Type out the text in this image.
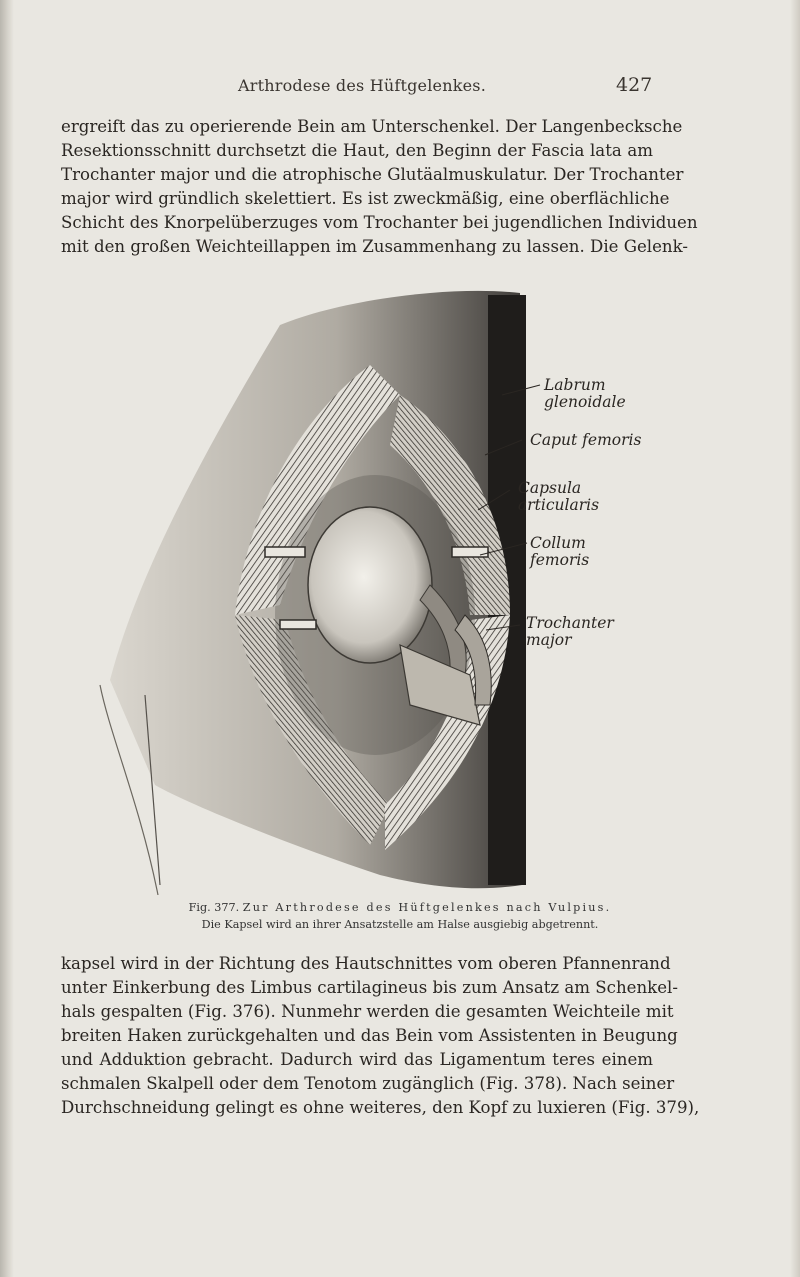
Arthrodese des Hüftgelenkes.	427
ergreift das zu operierende Bein am Unterschenkel. Der Langenbecksche
Resektionsschnitt durchsetzt die Haut, den Beginn der Fascia lata am
Trochanter major und die atrophische Glutäalmuskulatur. Der Trochanter
major wird gründlich skelettiert. Es ist zweckmäßig, eine oberflächliche
Schicht des Knorpelüberzuges vom Trochanter bei jugendlichen Individuen
mit den großen Weichteillappen im Zusammenhang zu lassen. Die Gelenk-
Labrum
glenoidale
Caput femoris
Capsula
articularis
Collum
femoris
Trochanter
major
Fig. 377. Zur Arthrodese des Hüftgelenkes nach Vulpius.
Die Kapsel wird an ihrer Ansatzstelle am Halse ausgiebig abgetrennt.
kapsel wird in der Richtung des Hautschnittes vom oberen Pfannenrand
unter Einkerbung des Limbus cartilagineus bis zum Ansatz am Schenkel-
hals gespalten (Fig. 376). Nunmehr werden die gesamten Weichteile mit
breiten Haken zurückgehalten und das Bein vom Assistenten in Beugung
und Adduktion gebracht. Dadurch wird das Ligamentum teres einem
schmalen Skalpell oder dem Tenotom zugänglich (Fig. 378). Nach seiner
Durchschneidung gelingt es ohne weiteres, den Kopf zu luxieren (Fig. 379),
